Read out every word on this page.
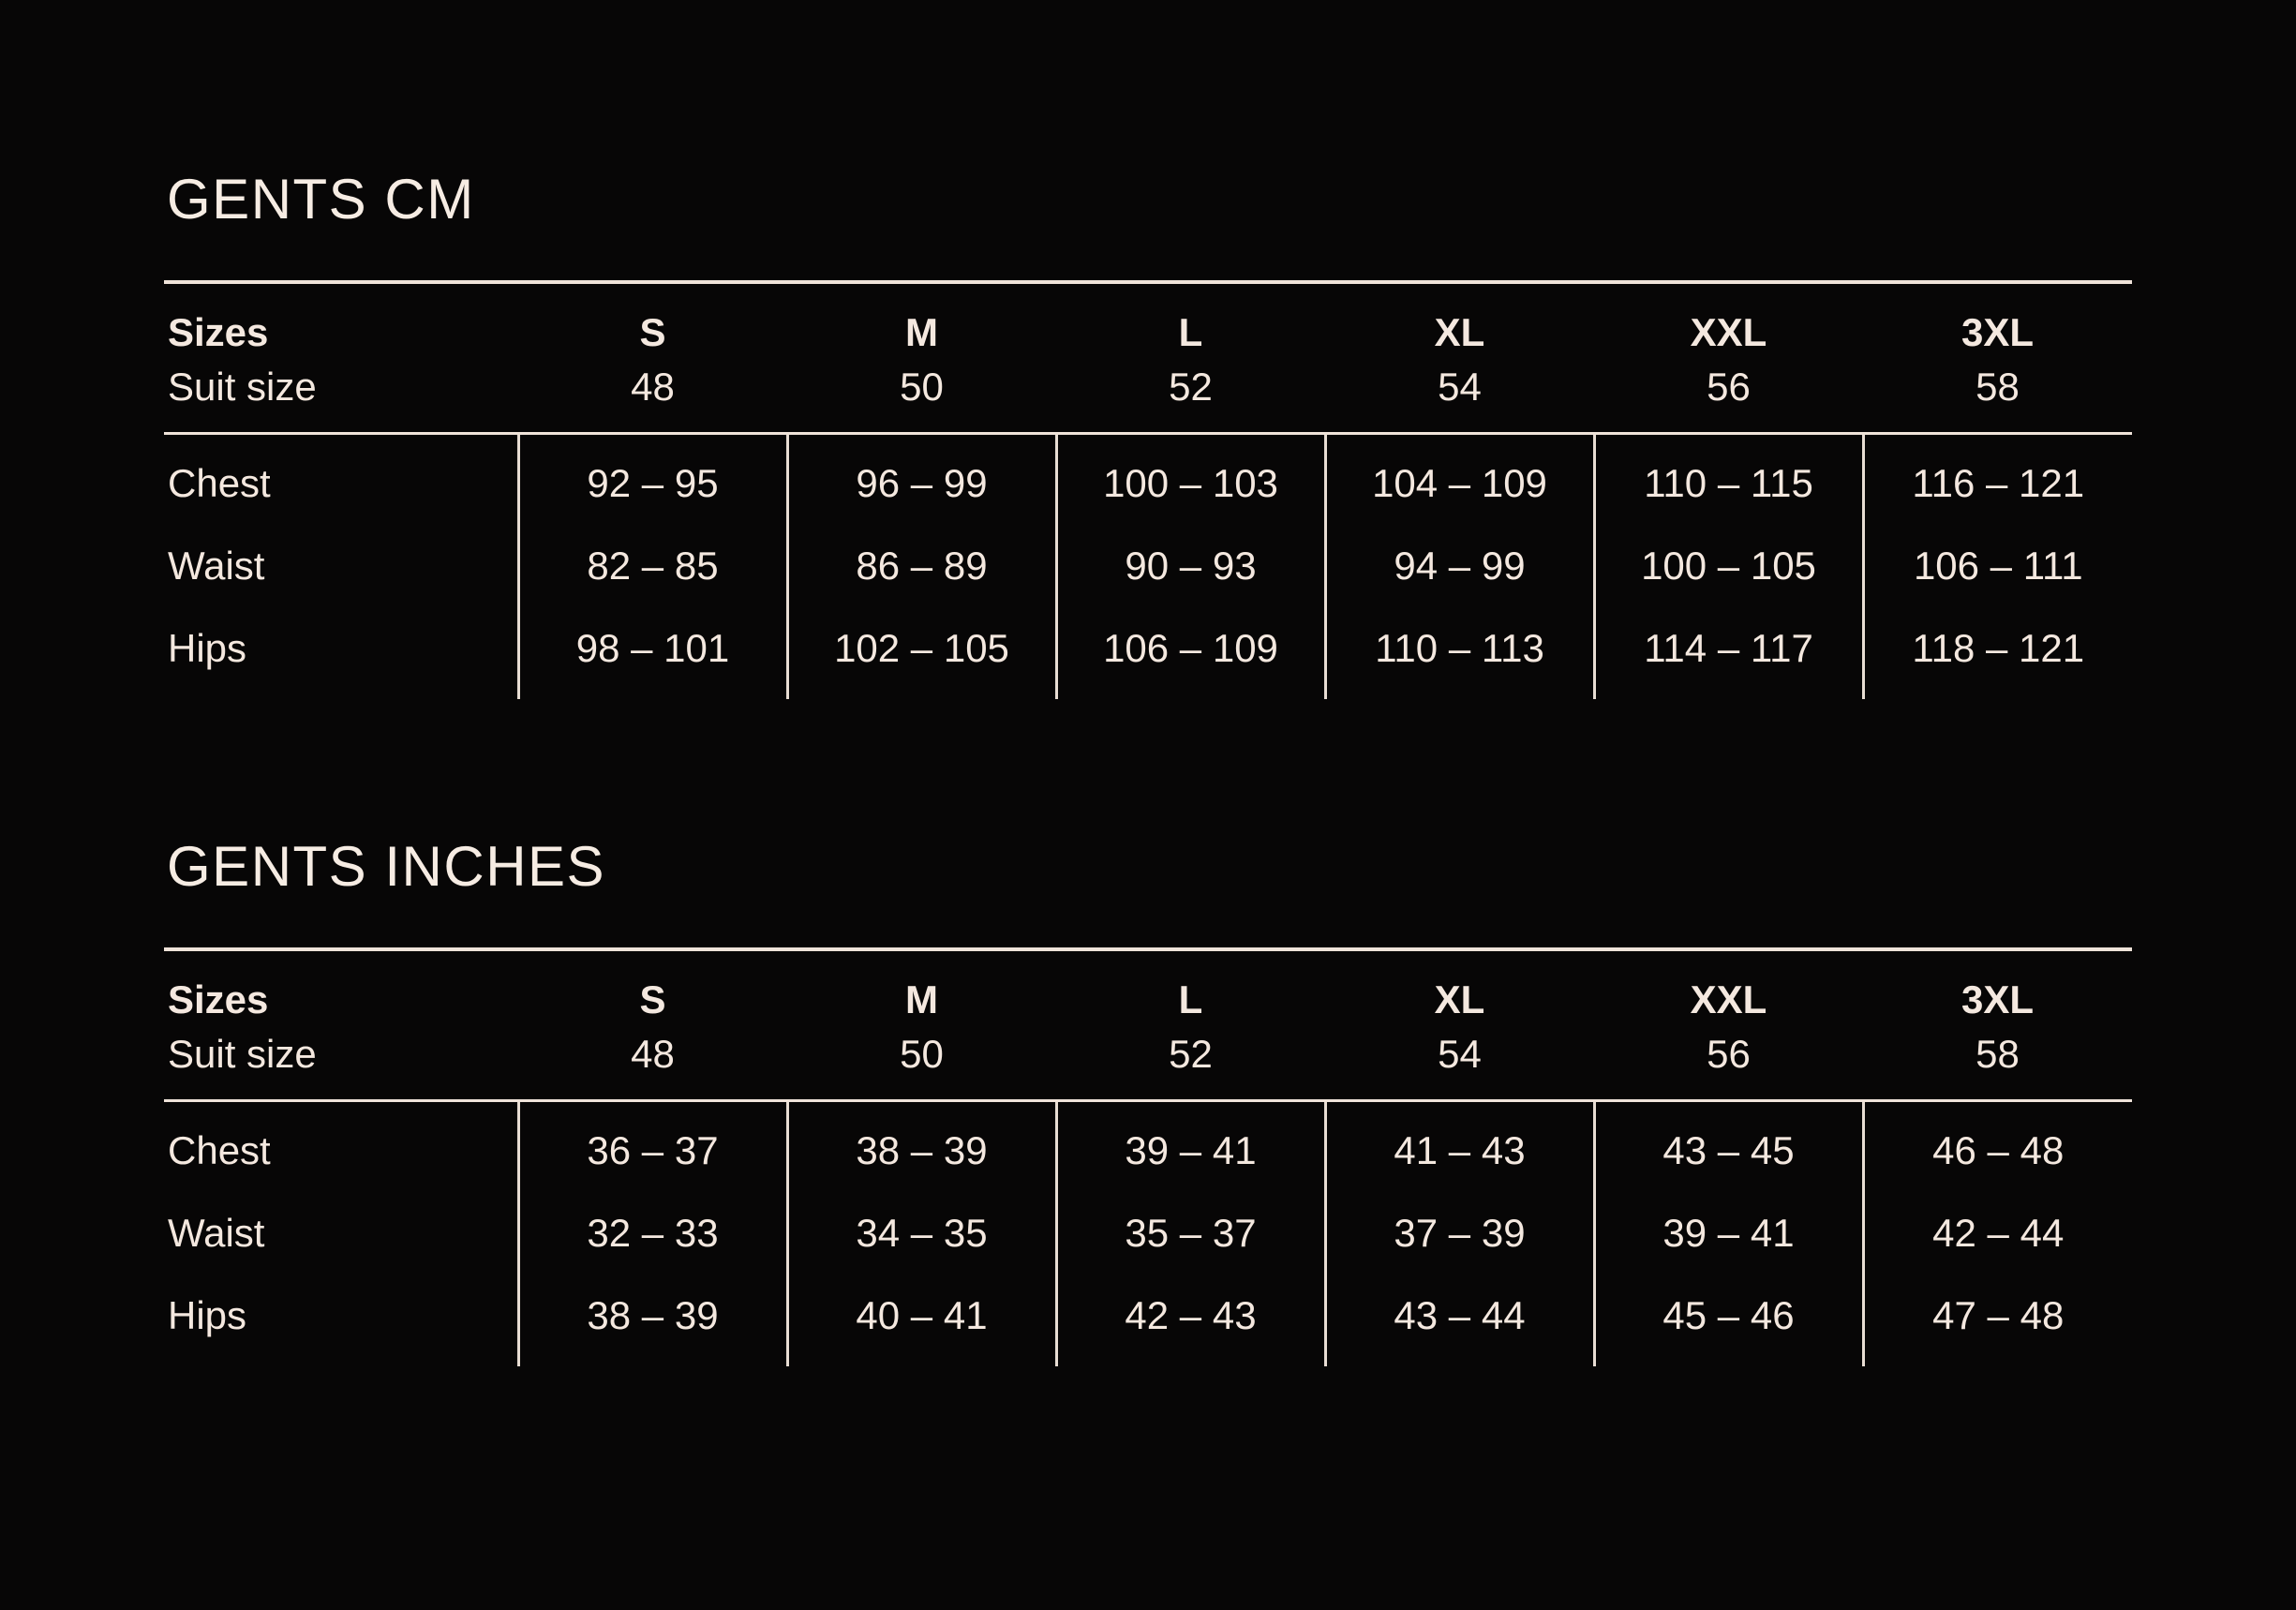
GENTS CM

Sizes	S	M	L	XL	XXL	3XL
Suit size	48	50	52	54	56	58

Chest	92 – 95	96 – 99	100 – 103	104 – 109	110 – 115	116 – 121
Waist	82 – 85	86 – 89	90 – 93	94 – 99	100 – 105	106 – 111
Hips	98 – 101	102 – 105	106 – 109	110 – 113	114 – 117	118 – 121
GENTS INCHES

Sizes	S	M	L	XL	XXL	3XL
Suit size	48	50	52	54	56	58

Chest	36 – 37	38 – 39	39 – 41	41 – 43	43 – 45	46 – 48
Waist	32 – 33	34 – 35	35 – 37	37 – 39	39 – 41	42 – 44
Hips	38 – 39	40 – 41	42 – 43	43 – 44	45 – 46	47 – 48
